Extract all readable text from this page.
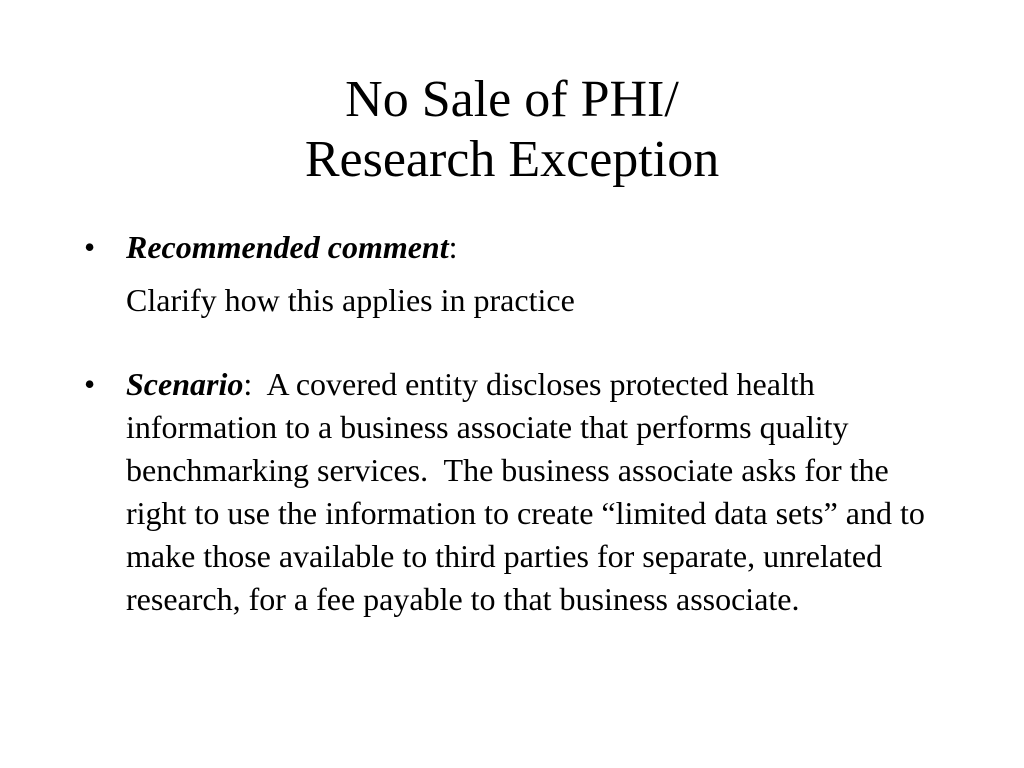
No Sale of PHI/
Research Exception
• Recommended comment:
Clarify how this applies in practice
• Scenario:  A covered entity discloses protected health information to a business associate that performs quality benchmarking services.  The business associate asks for the right to use the information to create “limited data sets” and to make those available to third parties for separate, unrelated research, for a fee payable to that business associate.
